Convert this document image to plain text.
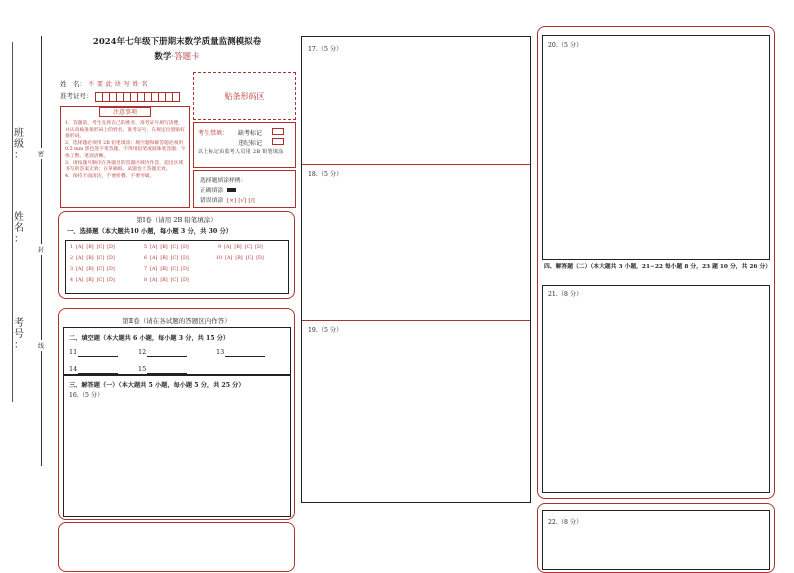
班
级
：
姓
名
：
考
号
：
密
封
线
2024年七年级下册期末数学质量监测模拟卷
数学·答题卡
姓　名： 不 要 此 块 写 姓 名
准考证号：	贴条形码区
注意事项
1．答题前，考生先将自己的姓名、准考证号填写清楚，并认真核准条形码上的姓名、准考证号，在规定位置贴好条形码。
2．选择题必须用 2B 铅笔填涂；填空题和解答题必须用 0.5 mm 黑色签字笔答题，不得用铅笔或圆珠笔答题；字体工整、笔迹清晰。
3．请按题号顺序在各题目的答题区域内作答，超出区域书写的答案无效；在草稿纸、试题卷上答题无效。
4．保持卡面清洁，不要折叠、不要弄破。
考生禁填： 缺考标记
违纪标记
以上标记由监考人员用 2B 铅笔填涂
选择题填涂样例：
正确填涂
错误填涂 [×] [√] [/]
第Ⅰ卷（请用 2B 铅笔填涂）
一、选择题（本大题共10 小题，每小题 3 分，共 30 分）
1  [A]  [B]  [C]  [D]
2  [A]  [B]  [C]  [D]
3  [A]  [B]  [C]  [D]
4  [A]  [B]  [C]  [D]
5  [A]  [B]  [C]  [D]
6  [A]  [B]  [C]  [D]
7  [A]  [B]  [C]  [D]
8  [A]  [B]  [C]  [D]
9  [A]  [B]  [C]  [D]
10  [A]  [B]  [C]  [D]
第Ⅱ卷（请在各试题的答题区内作答）
二、填空题（本大题共 6 小题，每小题 3 分，共 15 分）
11	12	13
14	15
三、解答题（一）（本大题共 5 小题，每小题 5 分，共 25 分）
16.（5 分）
17.（5 分）
18.（5 分）
19.（5 分）
20.（5 分）
四、解答题（二）（本大题共 3 小题，21−22 每小题 8 分，23 题 10 分，共 26 分）
21.（8 分）
22.（8 分）
